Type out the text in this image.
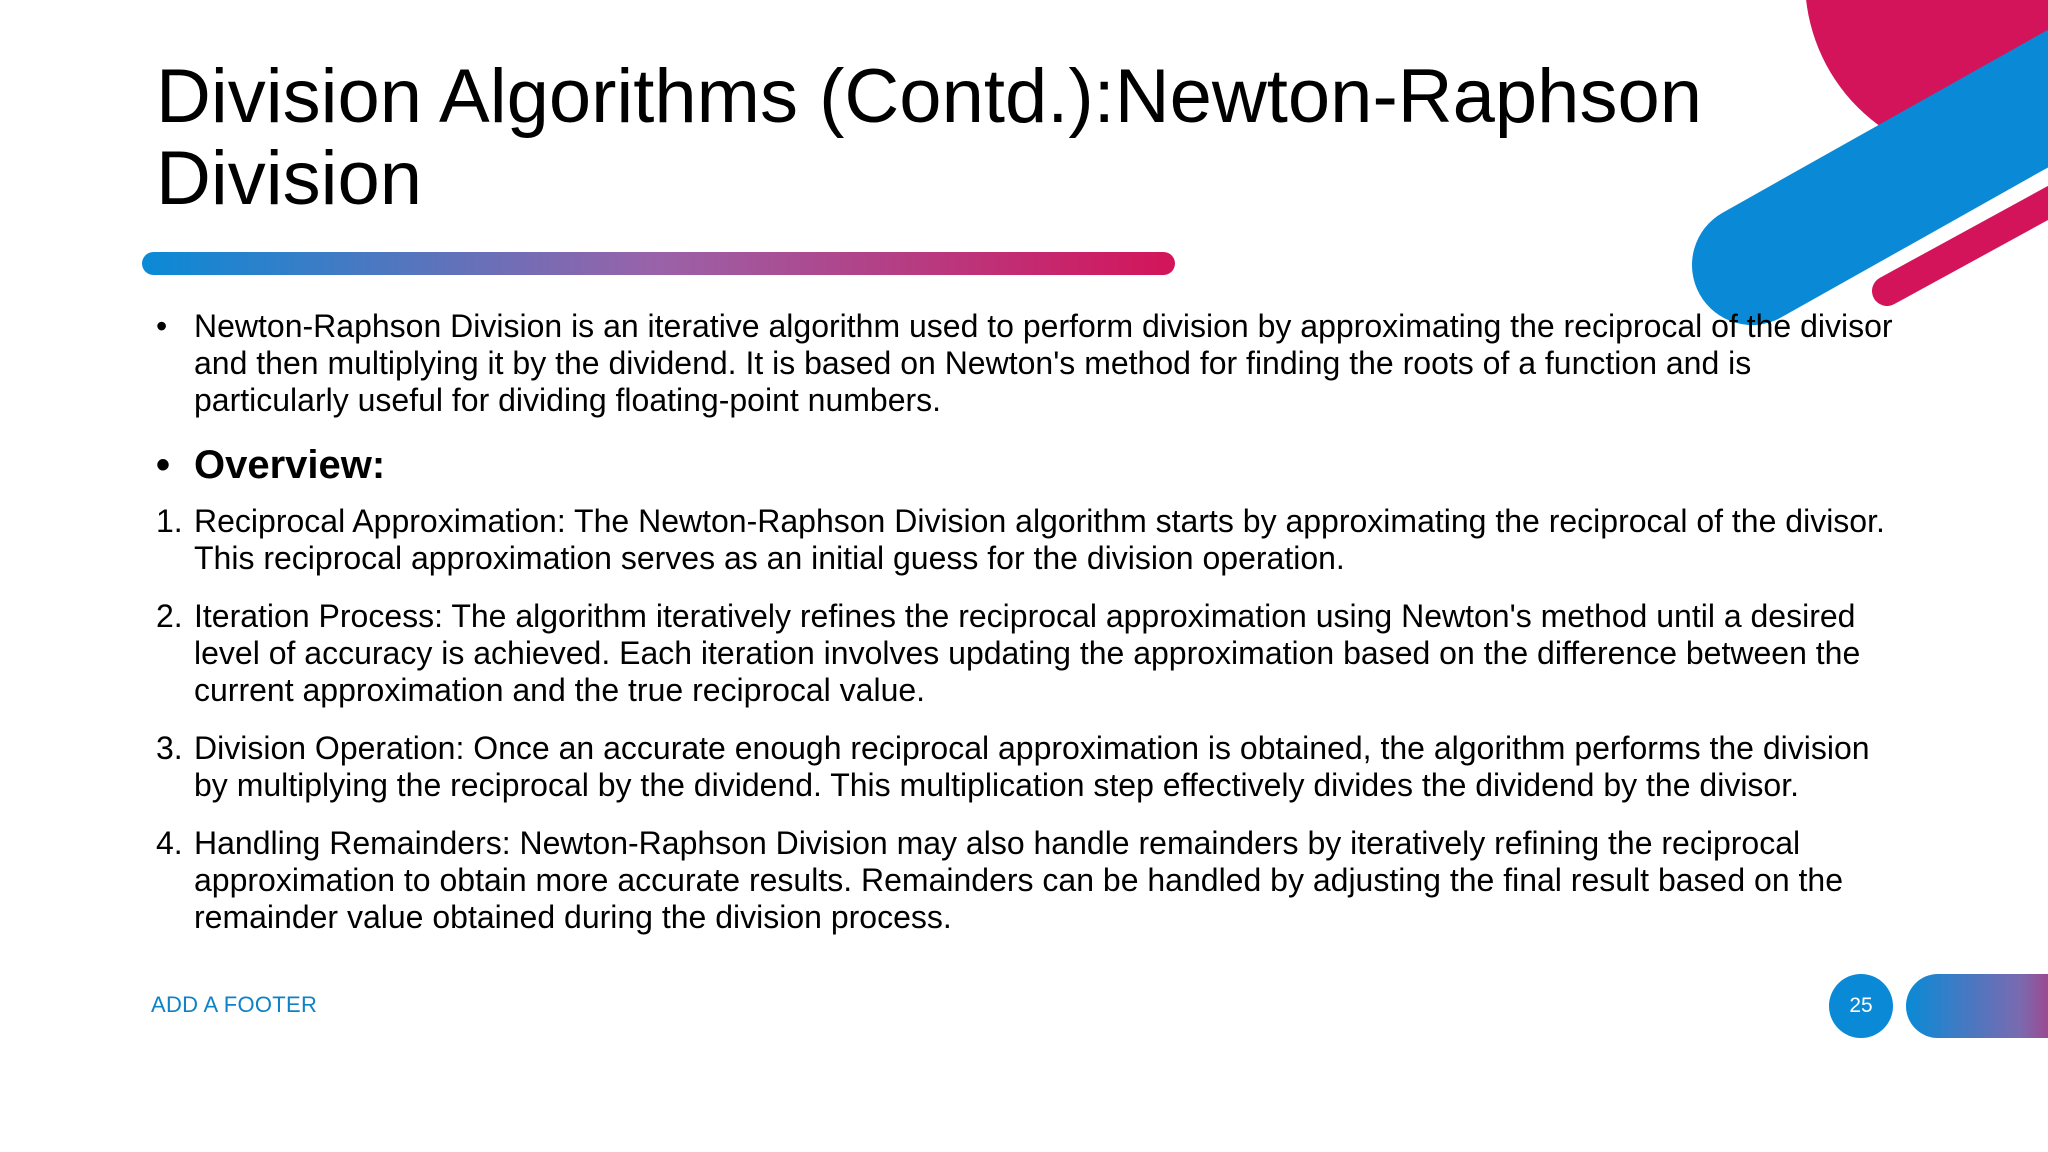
Division Algorithms (Contd.):Newton-Raphson Division
• Newton-Raphson Division is an iterative algorithm used to perform division by approximating the reciprocal of the divisor and then multiplying it by the dividend. It is based on Newton's method for finding the roots of a function and is particularly useful for dividing floating-point numbers.
• Overview:
1. Reciprocal Approximation: The Newton-Raphson Division algorithm starts by approximating the reciprocal of the divisor. This reciprocal approximation serves as an initial guess for the division operation.
2. Iteration Process: The algorithm iteratively refines the reciprocal approximation using Newton's method until a desired level of accuracy is achieved. Each iteration involves updating the approximation based on the difference between the current approximation and the true reciprocal value.
3. Division Operation: Once an accurate enough reciprocal approximation is obtained, the algorithm performs the division by multiplying the reciprocal by the dividend. This multiplication step effectively divides the dividend by the divisor.
4. Handling Remainders: Newton-Raphson Division may also handle remainders by iteratively refining the reciprocal approximation to obtain more accurate results. Remainders can be handled by adjusting the final result based on the remainder value obtained during the division process.
ADD A FOOTER	25
